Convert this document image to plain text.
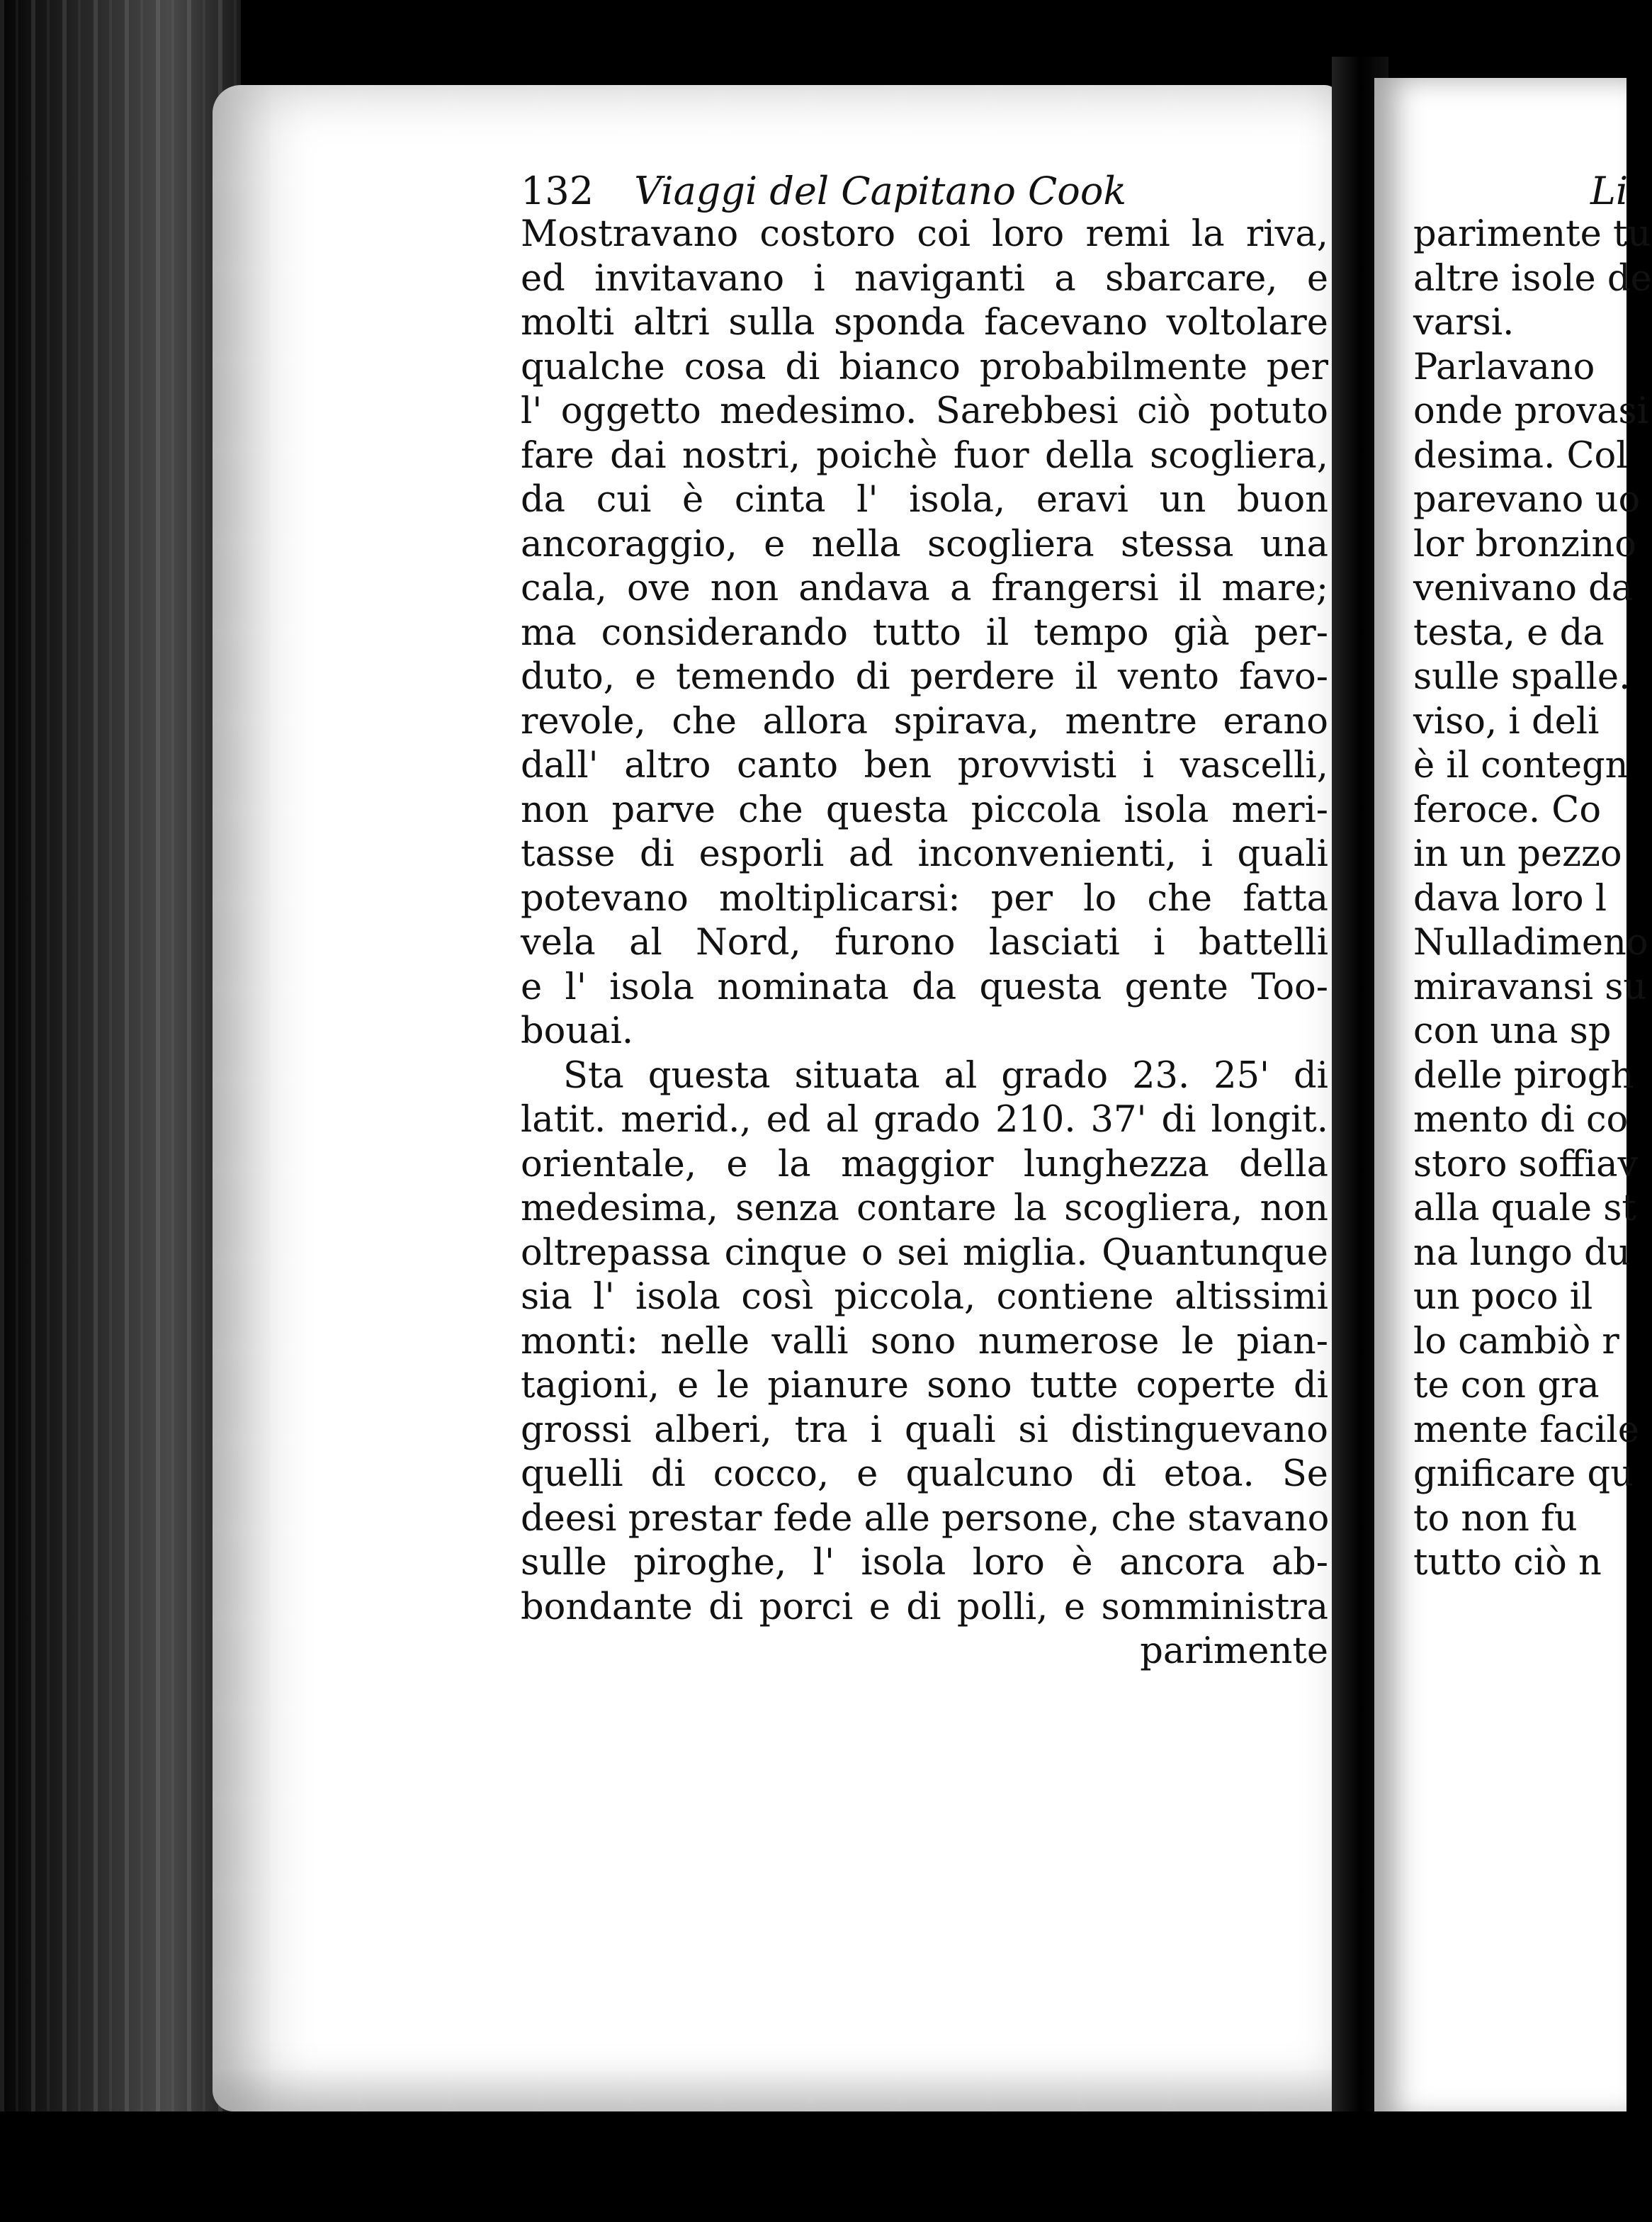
132 Viaggi del Capitano Cook
Mostravano costoro coi loro remi la riva,
ed invitavano i naviganti a sbarcare, e
molti altri sulla sponda facevano voltolare
qualche cosa di bianco probabilmente per
l' oggetto medesimo. Sarebbesi ciò potuto
fare dai nostri, poichè fuor della scogliera,
da cui è cinta l' isola, eravi un buon
ancoraggio, e nella scogliera stessa una
cala, ove non andava a frangersi il mare;
ma considerando tutto il tempo già per-
duto, e temendo di perdere il vento favo-
revole, che allora spirava, mentre erano
dall' altro canto ben provvisti i vascelli,
non parve che questa piccola isola meri-
tasse di esporli ad inconvenienti, i quali
potevano moltiplicarsi: per lo che fatta
vela al Nord, furono lasciati i battelli
e l' isola nominata da questa gente Too-
bouai.
Sta questa situata al grado 23. 25' di
latit. merid., ed al grado 210. 37' di longit.
orientale, e la maggior lunghezza della
medesima, senza contare la scogliera, non
oltrepassa cinque o sei miglia. Quantunque
sia l' isola così piccola, contiene altissimi
monti: nelle valli sono numerose le pian-
tagioni, e le pianure sono tutte coperte di
grossi alberi, tra i quali si distinguevano
quelli di cocco, e qualcuno di etoa. Se
deesi prestar fede alle persone, che stavano
sulle piroghe, l' isola loro è ancora ab-
bondante di porci e di polli, e somministra
parimente
Li
parimente tu
altre isole de
varsi.
Parlavano
onde provasi
desima. Col
parevano uo
lor bronzino
venivano da
testa, e da
sulle spalle.
viso, i deli
è il contegn
feroce. Co
in un pezzo
dava loro l
Nulladimeno
miravansi su
con una sp
delle pirogh
mento di co
storo soffiav
alla quale st
na lungo du
un poco il
lo cambiò r
te con gra
mente facile
gnificare qu
to non fu
tutto ciò n
